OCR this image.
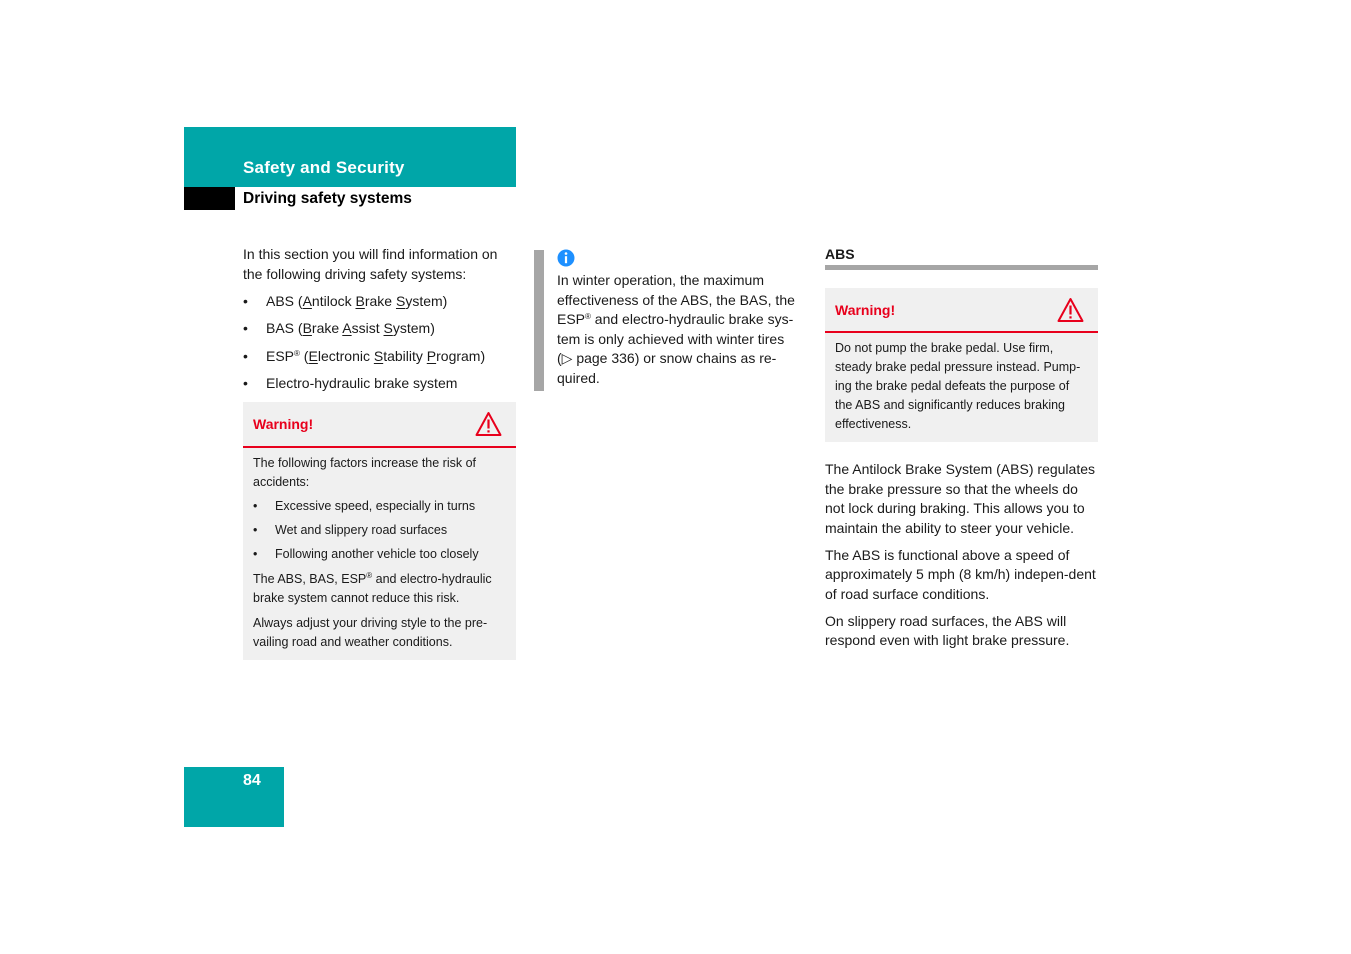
Safety and Security
Driving safety systems

In this section you will find information on the following driving safety systems:

• ABS (Antilock Brake System)
• BAS (Brake Assist System)
• ESP® (Electronic Stability Program)
• Electro-hydraulic brake system
Warning!

The following factors increase the risk of accidents:

• Excessive speed, especially in turns
• Wet and slippery road surfaces
• Following another vehicle too closely

The ABS, BAS, ESP® and electro-hydraulic brake system cannot reduce this risk.

Always adjust your driving style to the pre-vailing road and weather conditions.

In winter operation, the maximum
effectiveness of the ABS, the BAS, the
ESP® and electro-hydraulic brake sys-
tem is only achieved with winter tires
(▷ page 336) or snow chains as re-
quired.
ABS
Warning!

Do not pump the brake pedal. Use firm, steady brake pedal pressure instead. Pump-ing the brake pedal defeats the purpose of the ABS and significantly reduces braking effectiveness.

The Antilock Brake System (ABS) regulates the brake pressure so that the wheels do not lock during braking. This allows you to maintain the ability to steer your vehicle.

The ABS is functional above a speed of approximately 5 mph (8 km/h) indepen-dent of road surface conditions.

On slippery road surfaces, the ABS will respond even with light brake pressure.

84
